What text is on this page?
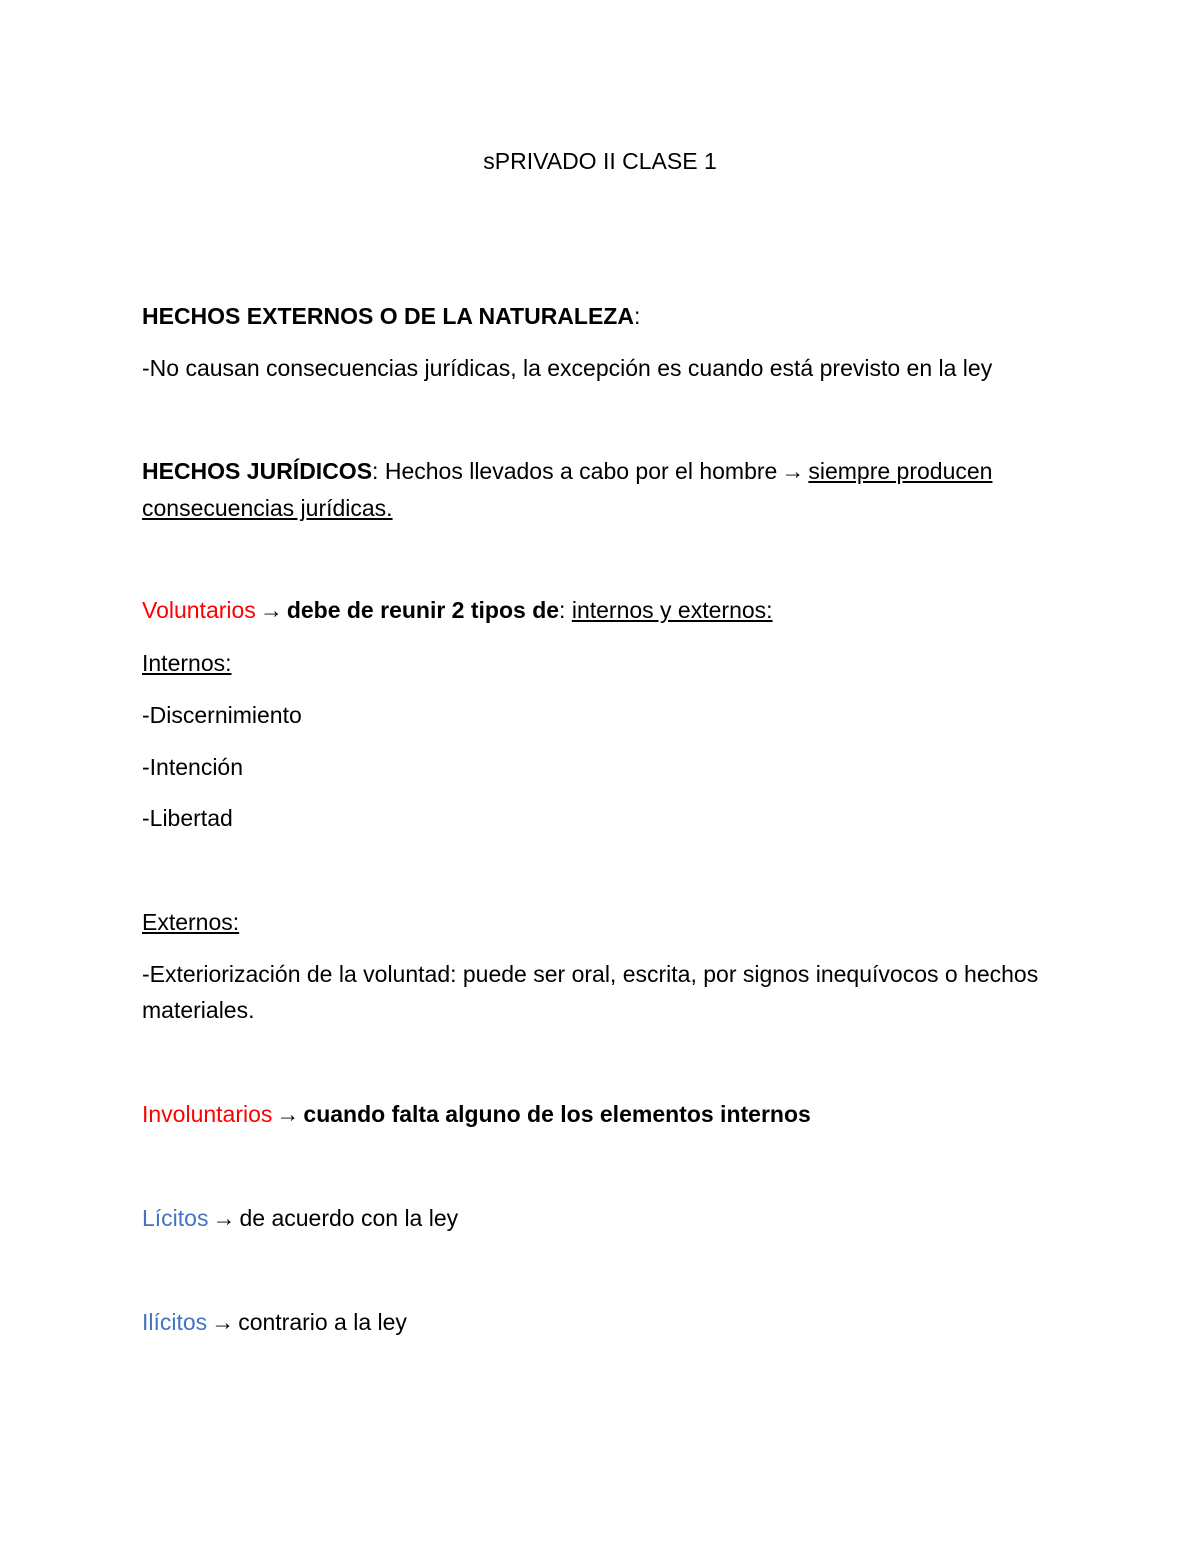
sPRIVADO II CLASE 1
HECHOS EXTERNOS O DE LA NATURALEZA:
-No causan consecuencias jurídicas, la excepción es cuando está previsto en la ley
HECHOS JURÍDICOS: Hechos llevados a cabo por el hombre → siempre producen
consecuencias jurídicas.
Voluntarios → debe de reunir 2 tipos de: internos y externos:
Internos:
-Discernimiento
-Intención
-Libertad
Externos:
-Exteriorización de la voluntad: puede ser oral, escrita, por signos inequívocos o hechos materiales.
Involuntarios → cuando falta alguno de los elementos internos
Lícitos → de acuerdo con la ley
Ilícitos → contrario a la ley
